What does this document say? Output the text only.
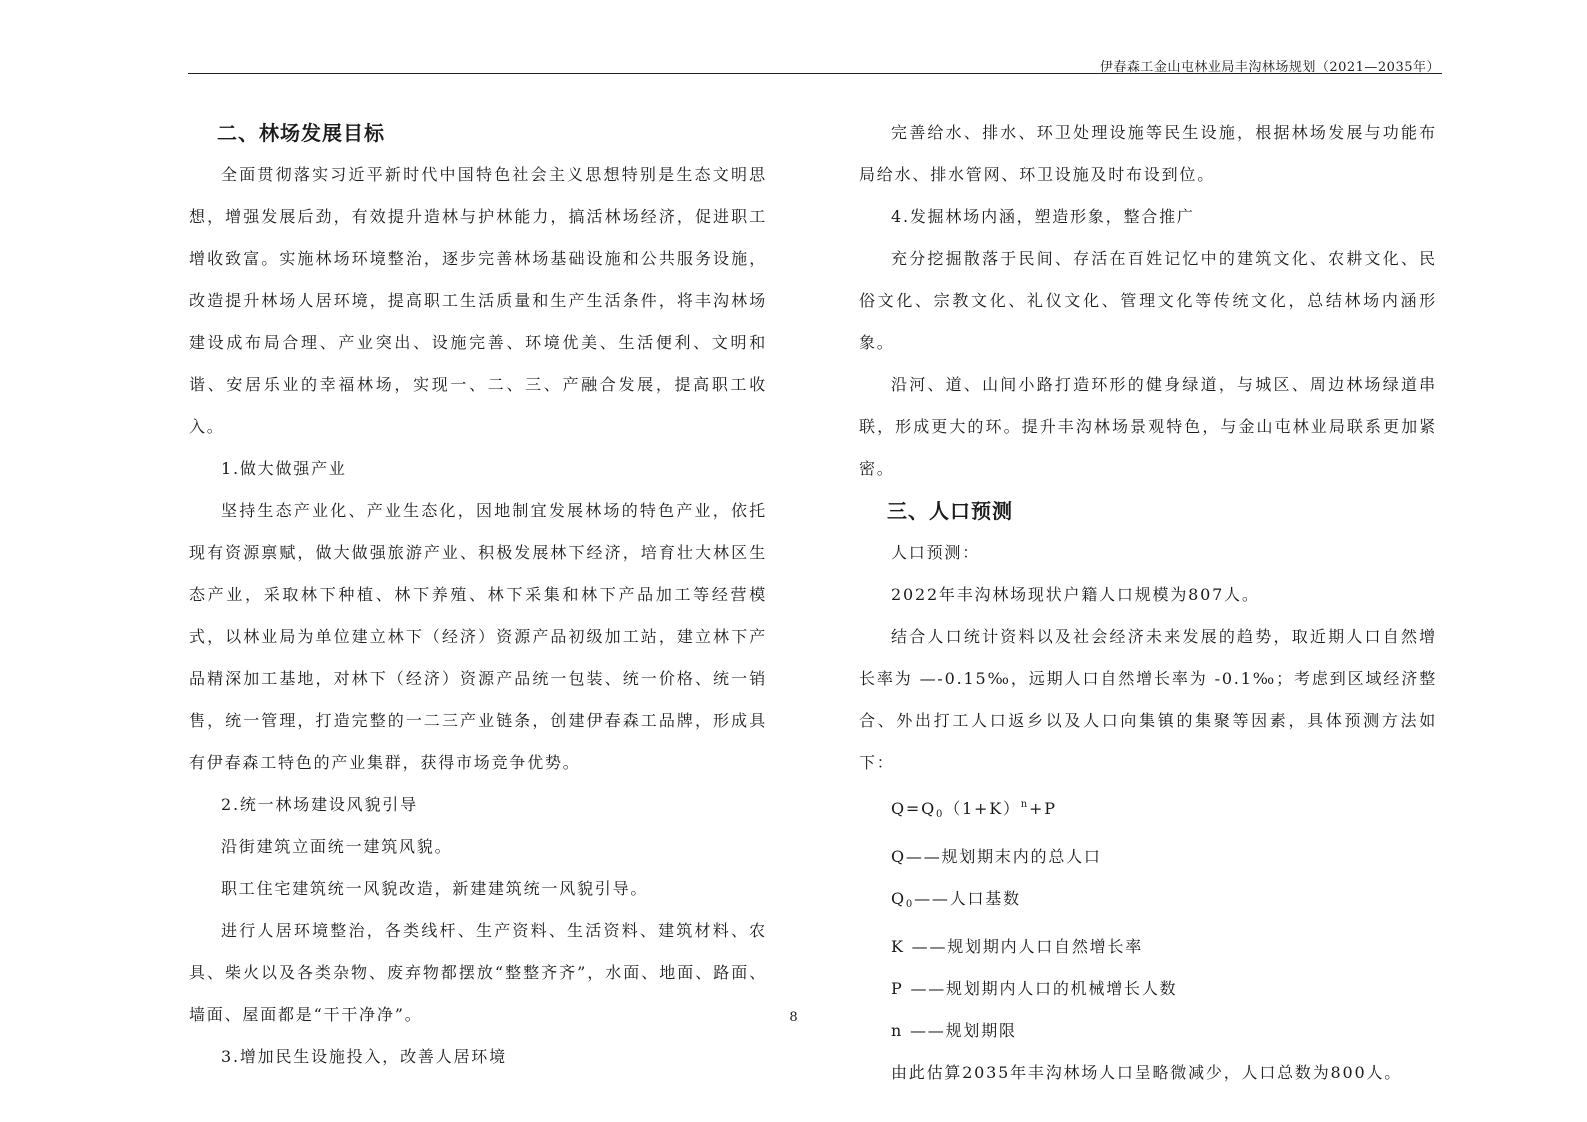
伊春森工金山屯林业局丰沟林场规划（2021—2035年）
二、林场发展目标

全面贯彻落实习近平新时代中国特色社会主义思想特别是生态文明思想，增强发展后劲，有效提升造林与护林能力，搞活林场经济，促进职工增收致富。实施林场环境整治，逐步完善林场基础设施和公共服务设施，改造提升林场人居环境，提高职工生活质量和生产生活条件，将丰沟林场建设成布局合理、产业突出、设施完善、环境优美、生活便利、文明和谐、安居乐业的幸福林场，实现一、二、三、产融合发展，提高职工收入。

1.做大做强产业

坚持生态产业化、产业生态化，因地制宜发展林场的特色产业，依托现有资源禀赋，做大做强旅游产业、积极发展林下经济，培育壮大林区生态产业，采取林下种植、林下养殖、林下采集和林下产品加工等经营模式，以林业局为单位建立林下（经济）资源产品初级加工站，建立林下产品精深加工基地，对林下（经济）资源产品统一包装、统一价格、统一销售，统一管理，打造完整的一二三产业链条，创建伊春森工品牌，形成具有伊春森工特色的产业集群，获得市场竞争优势。

2.统一林场建设风貌引导

沿街建筑立面统一建筑风貌。

职工住宅建筑统一风貌改造，新建建筑统一风貌引导。

进行人居环境整治，各类线杆、生产资料、生活资料、建筑材料、农具、柴火以及各类杂物、废弃物都摆放“整整齐齐”，水面、地面、路面、墙面、屋面都是“干干净净”。

3.增加民生设施投入，改善人居环境

完善给水、排水、环卫处理设施等民生设施，根据林场发展与功能布局给水、排水管网、环卫设施及时布设到位。

4.发掘林场内涵，塑造形象，整合推广

充分挖掘散落于民间、存活在百姓记忆中的建筑文化、农耕文化、民俗文化、宗教文化、礼仪文化、管理文化等传统文化，总结林场内涵形象。

沿河、道、山间小路打造环形的健身绿道，与城区、周边林场绿道串联，形成更大的环。提升丰沟林场景观特色，与金山屯林业局联系更加紧密。

三、人口预测

人口预测：

2022年丰沟林场现状户籍人口规模为807人。

结合人口统计资料以及社会经济未来发展的趋势，取近期人口自然增长率为 —-0.15‰，远期人口自然增长率为 -0.1‰；考虑到区域经济整合、外出打工人口返乡以及人口向集镇的集聚等因素，具体预测方法如下：

$Q=Q_0(1+K)^n+P$

Q——规划期末内的总人口

$Q_0——$人口基数

K ——规划期内人口自然增长率

P ——规划期内人口的机械增长人数

n ——规划期限

由此估算2035年丰沟林场人口呈略微减少，人口总数为800人。

8
